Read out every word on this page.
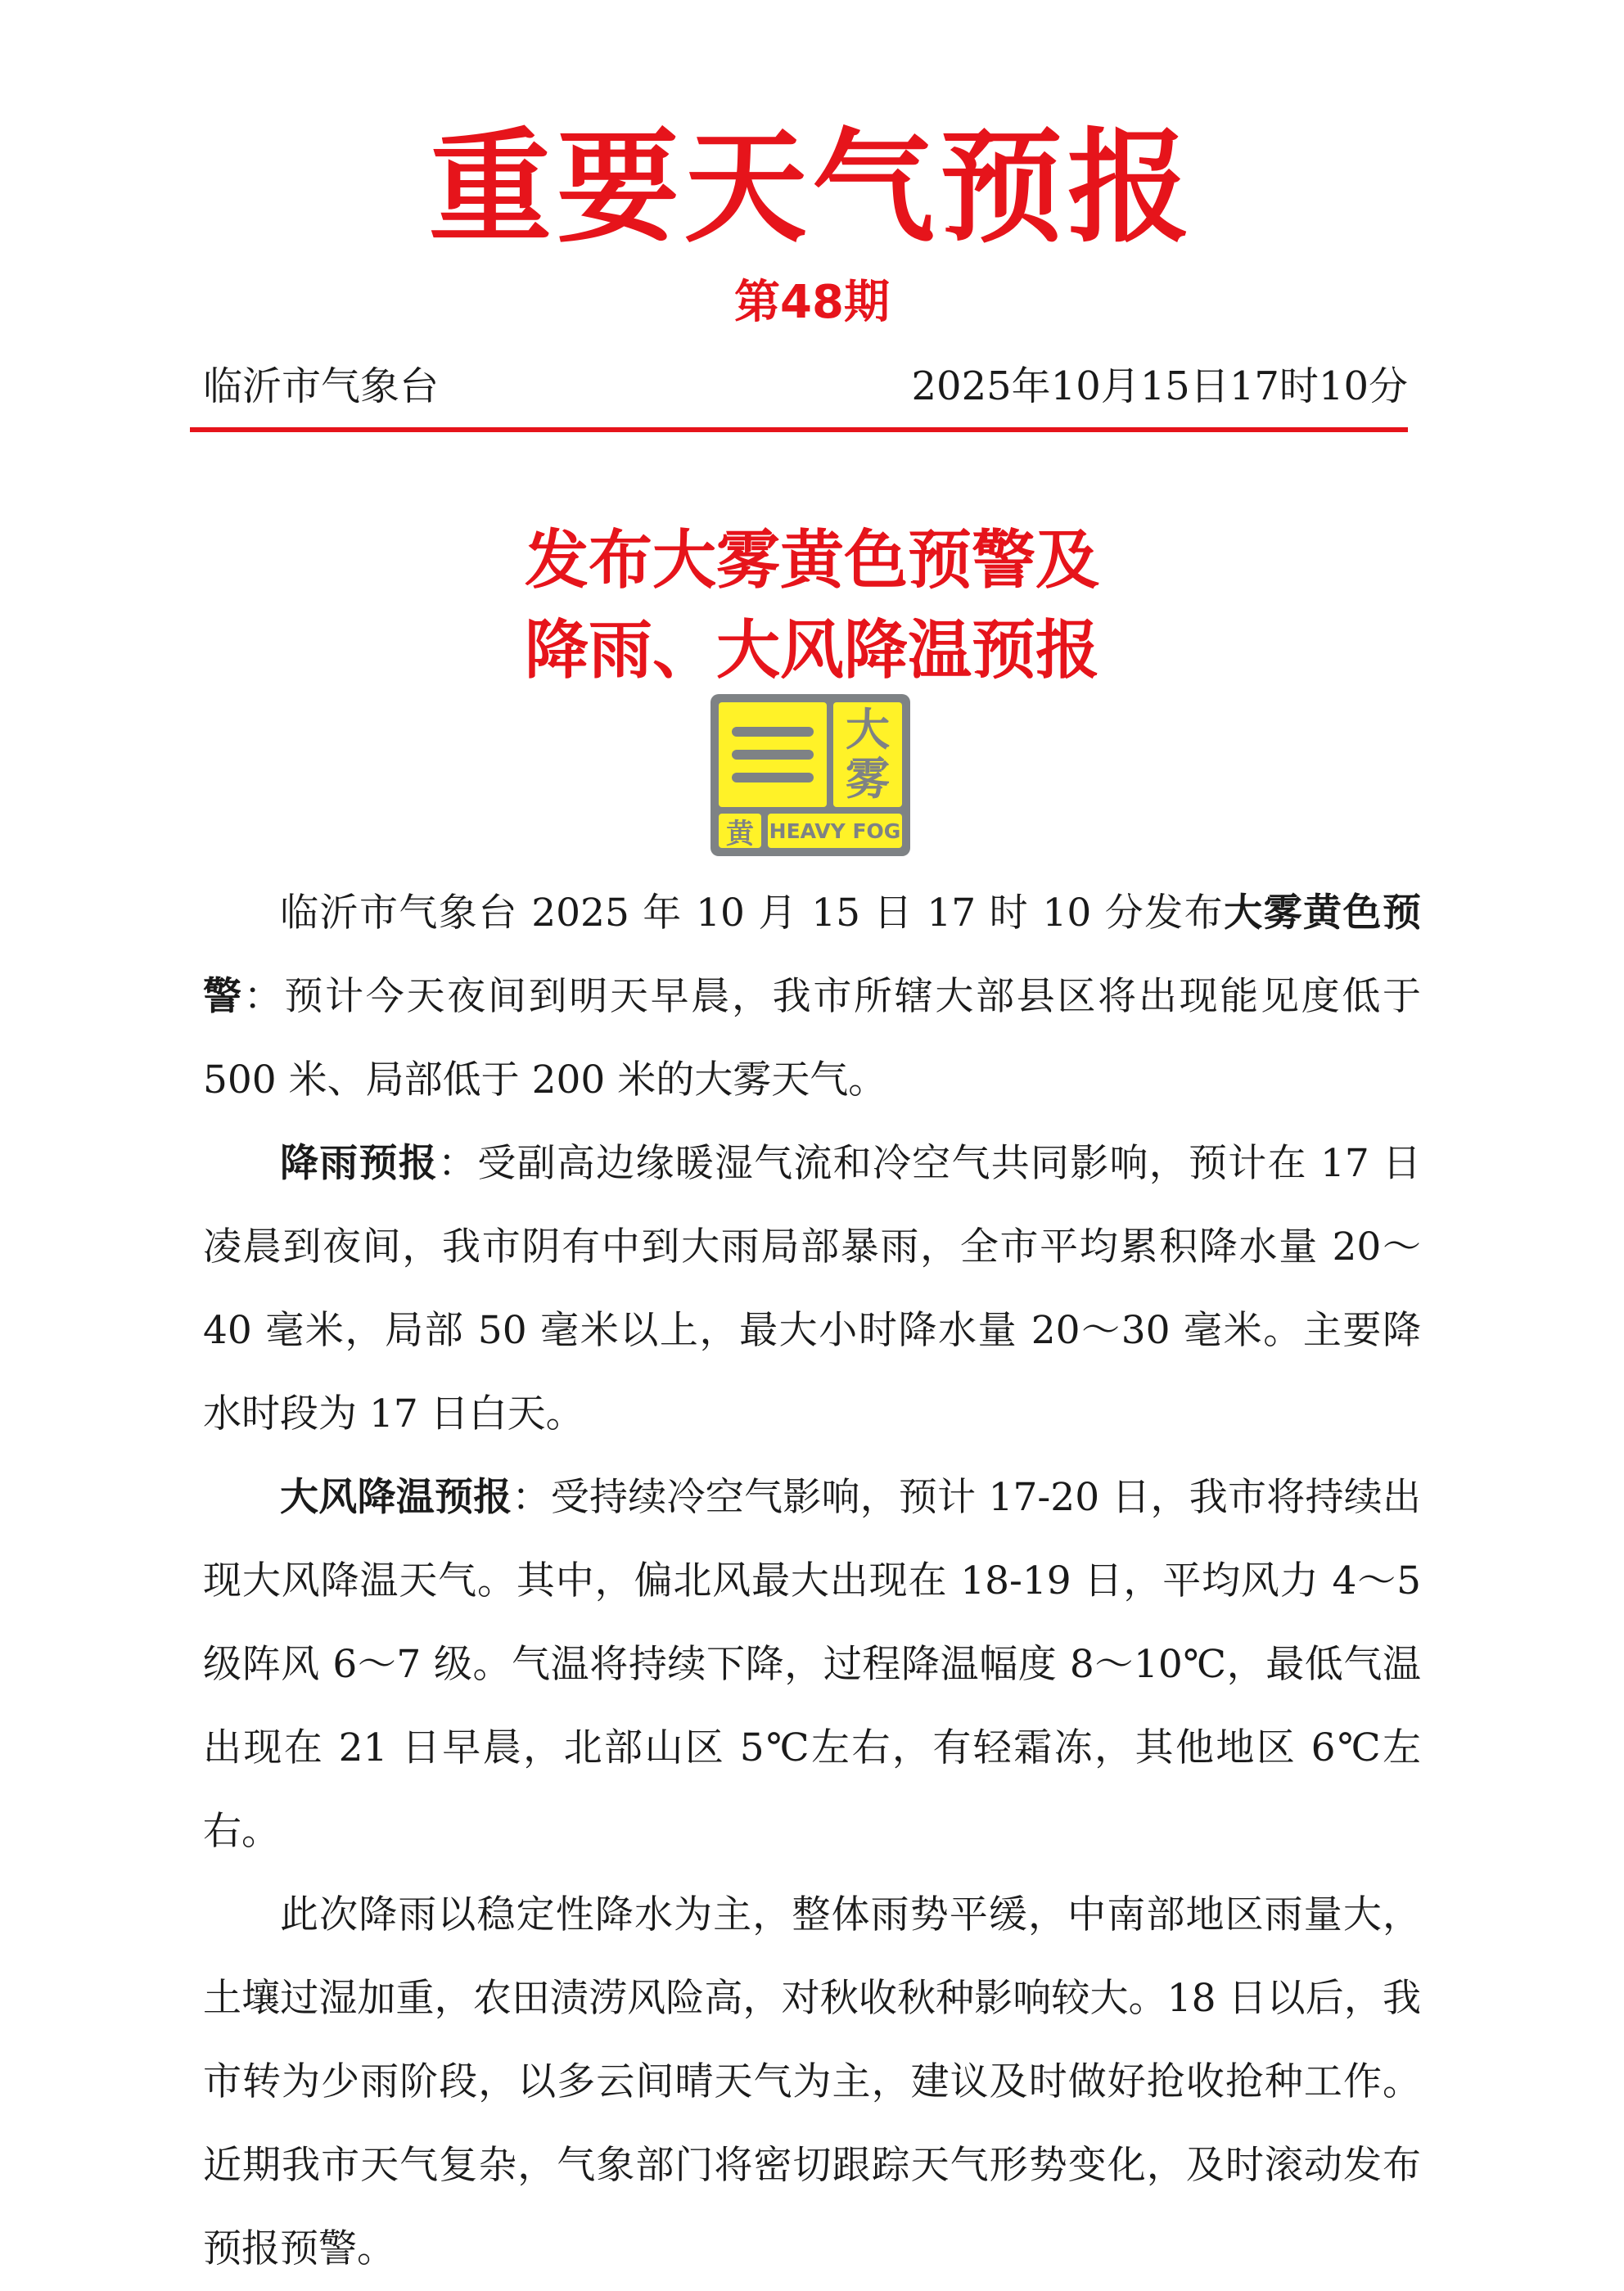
重要天气预报
第48期
临沂市气象台	2025年10月15日17时10分
发布大雾黄色预警及
降雨、大风降温预报
大
雾
黄 HEAVY FOG

临沂市气象台 2025 年 10 月 15 日 17 时 10 分发布大雾黄色预警：预计今天夜间到明天早晨，我市所辖大部县区将出现能见度低于 500 米、局部低于 200 米的大雾天气。

降雨预报：受副高边缘暖湿气流和冷空气共同影响，预计在 17 日凌晨到夜间，我市阴有中到大雨局部暴雨，全市平均累积降水量 20～40 毫米，局部 50 毫米以上，最大小时降水量 20～30 毫米。主要降水时段为 17 日白天。

大风降温预报：受持续冷空气影响，预计 17-20 日，我市将持续出现大风降温天气。其中，偏北风最大出现在 18-19 日，平均风力 4～5 级阵风 6～7 级。气温将持续下降，过程降温幅度 8～10℃，最低气温出现在 21 日早晨，北部山区 5℃左右，有轻霜冻，其他地区 6℃左右。

此次降雨以稳定性降水为主，整体雨势平缓，中南部地区雨量大，土壤过湿加重，农田渍涝风险高，对秋收秋种影响较大。18 日以后，我市转为少雨阶段，以多云间晴天气为主，建议及时做好抢收抢种工作。近期我市天气复杂，气象部门将密切跟踪天气形势变化，及时滚动发布预报预警。
